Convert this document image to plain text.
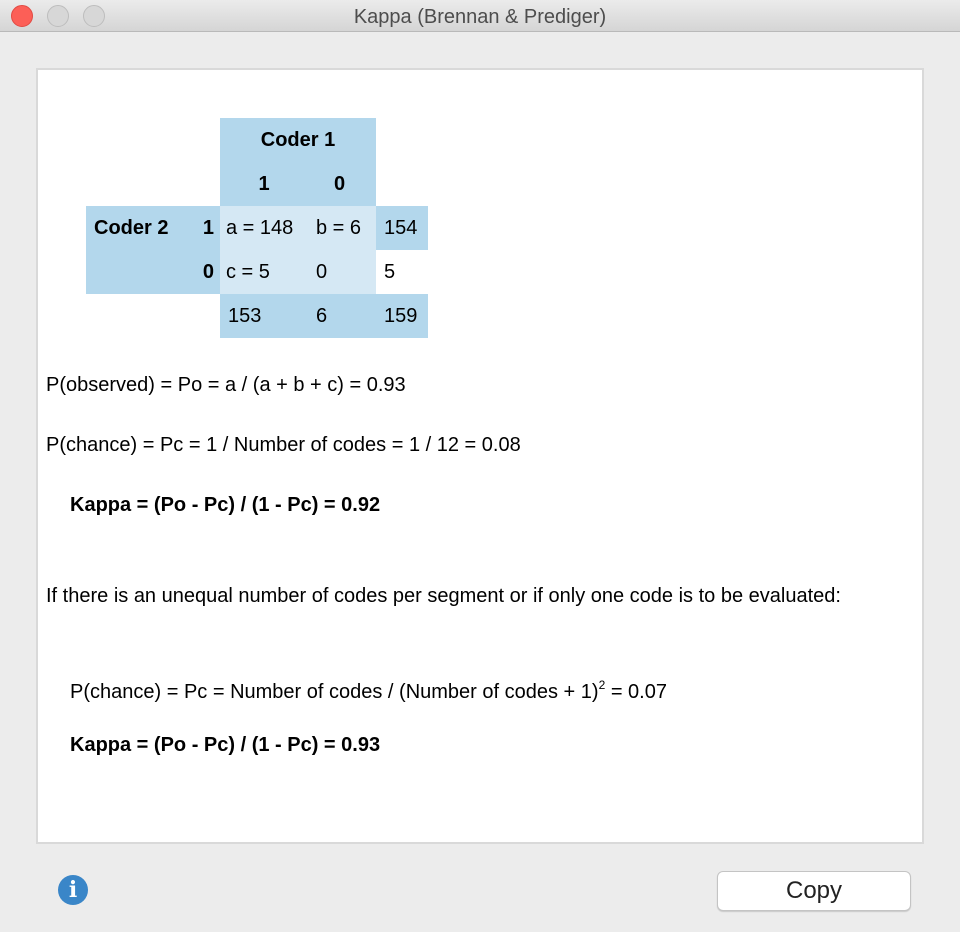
Kappa (Brennan & Prediger)
Coder 1
1	0
Coder 2	1 a = 148	b = 6	154
0 c = 5	0	5
153	6	159
P(observed) = Po = a / (a + b + c) = 0.93
P(chance) = Pc = 1 / Number of codes = 1 / 12 = 0.08
Kappa = (Po - Pc) / (1 - Pc) = 0.92
If there is an unequal number of codes per segment or if only one code is to be evaluated:
P(chance) = Pc = Number of codes / (Number of codes + 1)$^2$ = 0.07
Kappa = (Po - Pc) / (1 - Pc) = 0.93
i	Copy
